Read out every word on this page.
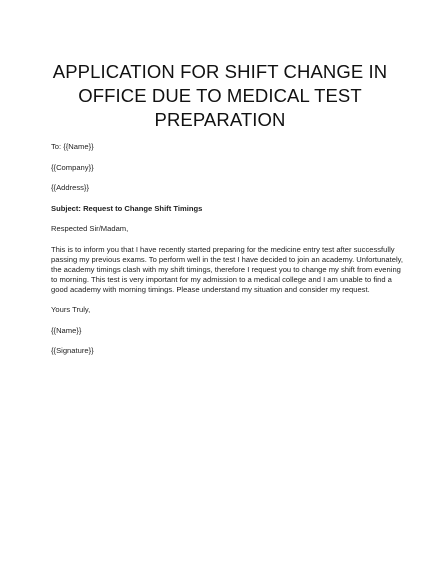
APPLICATION FOR SHIFT CHANGE IN
OFFICE DUE TO MEDICAL TEST
PREPARATION
To: {{Name}}
{{Company}}
{{Address}}
Subject: Request to Change Shift Timings
Respected Sir/Madam,
This is to inform you that I have recently started preparing for the medicine entry test after successfully
passing my previous exams. To perform well in the test I have decided to join an academy. Unfortunately,
the academy timings clash with my shift timings, therefore I request you to change my shift from evening
to morning. This test is very important for my admission to a medical college and I am unable to find a
good academy with morning timings. Please understand my situation and consider my request.
Yours Truly,
{{Name}}
{{Signature}}
